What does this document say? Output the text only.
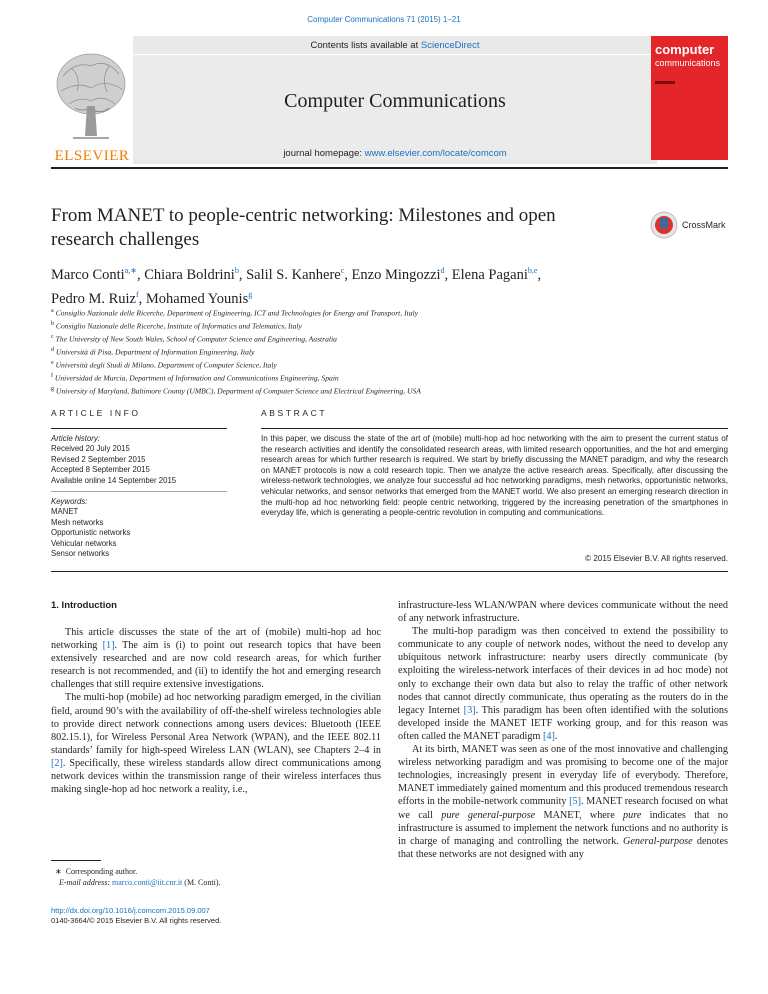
Computer Communications 71 (2015) 1–21
ELSEVIER
Contents lists available at ScienceDirect
Computer Communications
journal homepage: www.elsevier.com/locate/comcom
computer
communications
From MANET to people-centric networking: Milestones and open
research challenges
CrossMark
Marco Conti$^{a,∗}$, Chiara Boldrini$^b$, Salil S. Kanhere$^c$, Enzo Mingozzi$^d$, Elena Pagani$^{b,e}$,
Pedro M. Ruiz$^f$, Mohamed Younis$^g$
$^a$ Consiglio Nazionale delle Ricerche, Department of Engineering, ICT and Technologies for Energy and Transport, Italy
$^b$ Consiglio Nazionale delle Ricerche, Institute of Informatics and Telematics, Italy
$^c$ The University of New South Wales, School of Computer Science and Engineering, Australia
$^d$ Università di Pisa, Department of Information Engineering, Italy
$^e$ Università degli Studi di Milano, Department of Computer Science, Italy
$^f$ Universidad de Murcia, Department of Information and Communications Engineering, Spain
$^g$ University of Maryland, Baltimore County (UMBC), Department of Computer Science and Electrical Engineering, USA
ARTICLE INFO	ABSTRACT
Article history:
Received 20 July 2015
Revised 2 September 2015
Accepted 8 September 2015
Available online 14 September 2015
Keywords:
MANET
Mesh networks
Opportunistic networks
Vehicular networks
Sensor networks
In this paper, we discuss the state of the art of (mobile) multi-hop ad hoc networking with the aim to present the current status of the research activities and identify the consolidated research areas, with limited research opportunities, and the hot and emerging research areas for which further research is required. We start by briefly discussing the MANET paradigm, and why the research on MANET protocols is now a cold research topic. Then we analyze the active research areas. Specifically, after discussing the wireless-network technologies, we analyze four successful ad hoc networking paradigms, mesh networks, opportunistic networks, vehicular networks, and sensor networks that emerged from the MANET world. We also present an emerging research direction in the multi-hop ad hoc networking field: people centric networking, triggered by the increasing penetration of the smartphones in everyday life, which is generating a people-centric revolution in computing and communications.
© 2015 Elsevier B.V. All rights reserved.
1. Introduction

This article discusses the state of the art of (mobile) multi-hop ad hoc networking [1]. The aim is (i) to point out research topics that have been extensively researched and are now cold research areas, for which further research is not recommended, and (ii) to identify the hot and emerging research challenges that still require extensive investigations.

The multi-hop (mobile) ad hoc networking paradigm emerged, in the civilian field, around 90’s with the availability of off-the-shelf wireless technologies able to provide direct network connections among users devices: Bluetooth (IEEE 802.15.1), for Wireless Personal Area Network (WPAN), and the IEEE 802.11 standards’ family for high-speed Wireless LAN (WLAN), see Chapters 2–4 in [2]. Specifically, these wireless standards allow direct communications among network devices within the transmission range of their wireless interfaces thus making single-hop ad hoc network a reality, i.e.,

∗ Corresponding author.
E-mail address: marco.conti@iit.cnr.it (M. Conti).
http://dx.doi.org/10.1016/j.comcom.2015.09.007
0140-3664/© 2015 Elsevier B.V. All rights reserved.

infrastructure-less WLAN/WPAN where devices communicate without the need of any network infrastructure.

The multi-hop paradigm was then conceived to extend the possibility to communicate to any couple of network nodes, without the need to develop any ubiquitous network infrastructure: nearby users directly communicate (by exploiting the wireless-network interfaces of their devices in ad hoc mode) not only to exchange their own data but also to relay the traffic of other network nodes that cannot directly communicate, thus operating as the routers do in the legacy Internet [3]. This paradigm has been often identified with the solutions developed inside the MANET IETF working group, and for this reason was often called the MANET paradigm [4].

At its birth, MANET was seen as one of the most innovative and challenging wireless networking paradigm and was promising to become one of the major technologies, increasingly present in everyday life of everybody. Therefore, MANET immediately gained momentum and this produced tremendous research efforts in the mobile-network community [5]. MANET research focused on what we call pure general-purpose MANET, where pure indicates that no infrastructure is assumed to implement the network functions and no authority is in charge of managing and controlling the network. General-purpose denotes that these networks are not designed with any
